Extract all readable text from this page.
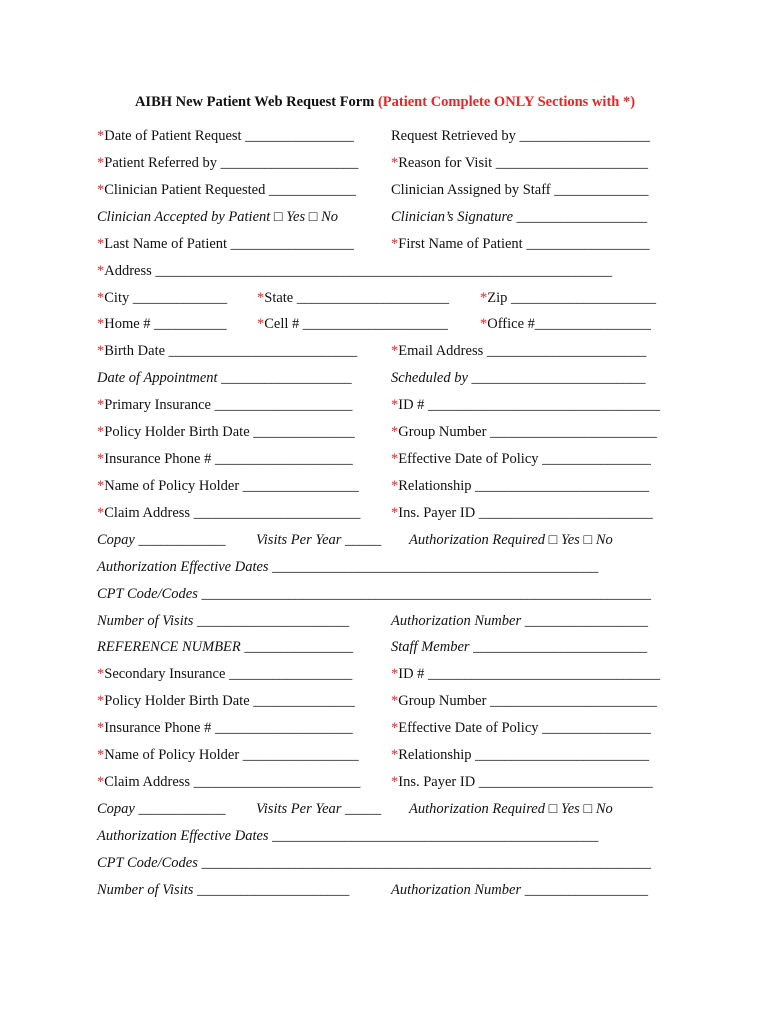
AIBH New Patient Web Request Form (Patient Complete ONLY Sections with *)
*Date of Patient Request _______________	Request Retrieved by __________________
*Patient Referred by ___________________ *Reason for Visit _____________________
*Clinician Patient Requested ____________ Clinician Assigned by Staff _____________
Clinician Accepted by Patient □ Yes □ No	Clinician’s Signature __________________
*Last Name of Patient _________________	*First Name of Patient _________________
*Address _______________________________________________________________
*City _____________ *State _____________________ *Zip ____________________
*Home # __________ *Cell # ____________________ *Office #________________
*Birth Date __________________________ *Email Address ______________________
Date of Appointment __________________	Scheduled by ________________________
*Primary Insurance ___________________	*ID # ________________________________
*Policy Holder Birth Date ______________ *Group Number _______________________
*Insurance Phone # ___________________	*Effective Date of Policy _______________
*Name of Policy Holder ________________ *Relationship ________________________
*Claim Address _______________________ *Ins. Payer ID ________________________
Copay ____________ Visits Per Year _____ Authorization Required □ Yes □ No
Authorization Effective Dates _____________________________________________
CPT Code/Codes ______________________________________________________________
Number of Visits _____________________	Authorization Number _________________
REFERENCE NUMBER _______________	Staff Member ________________________
*Secondary Insurance _________________	*ID # ________________________________
*Policy Holder Birth Date ______________ *Group Number _______________________
*Insurance Phone # ___________________	*Effective Date of Policy _______________
*Name of Policy Holder ________________ *Relationship ________________________
*Claim Address _______________________ *Ins. Payer ID ________________________
Copay ____________ Visits Per Year _____ Authorization Required □ Yes □ No
Authorization Effective Dates _____________________________________________
CPT Code/Codes ______________________________________________________________
Number of Visits _____________________	Authorization Number _________________
